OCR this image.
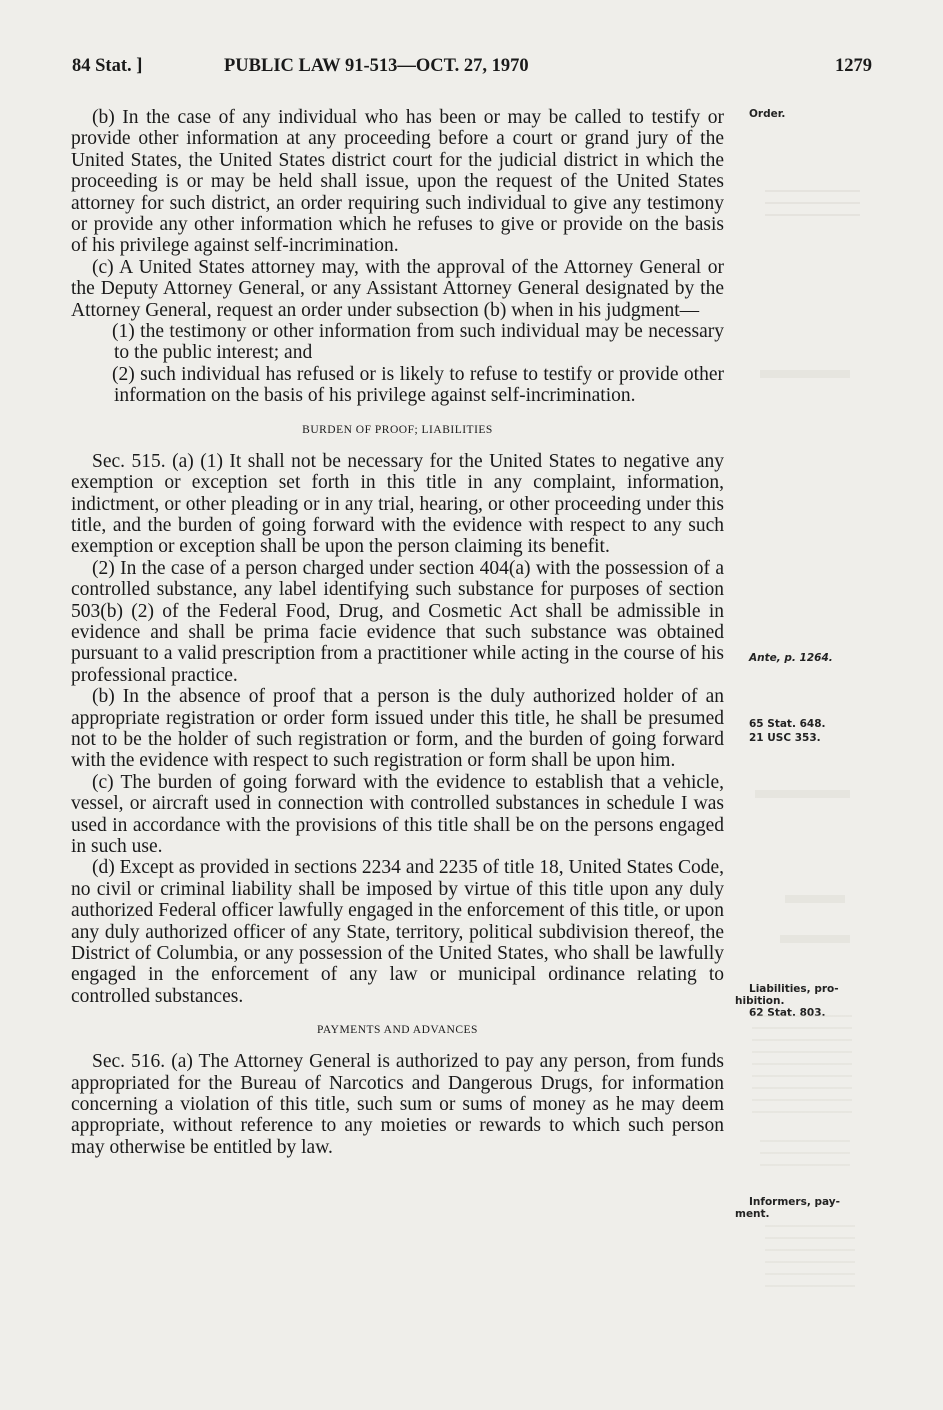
84 Stat. ]	PUBLIC LAW 91-513—OCT. 27, 1970	1279

(b) In the case of any individual who has been or may be called to testify or provide other information at any proceeding before a court or grand jury of the United States, the United States district court for the judicial district in which the proceeding is or may be held shall issue, upon the request of the United States attorney for such district, an order requiring such individual to give any testimony or provide any other information which he refuses to give or provide on the basis of his privilege against self-incrimination.

(c) A United States attorney may, with the approval of the Attorney General or the Deputy Attorney General, or any Assistant Attorney General designated by the Attorney General, request an order under subsection (b) when in his judgment—

(1) the testimony or other information from such individual may be necessary to the public interest; and

(2) such individual has refused or is likely to refuse to testify or provide other information on the basis of his privilege against self-incrimination.

BURDEN OF PROOF; LIABILITIES

Sec. 515. (a) (1) It shall not be necessary for the United States to negative any exemption or exception set forth in this title in any complaint, information, indictment, or other pleading or in any trial, hearing, or other proceeding under this title, and the burden of going forward with the evidence with respect to any such exemption or exception shall be upon the person claiming its benefit.

(2) In the case of a person charged under section 404(a) with the possession of a controlled substance, any label identifying such substance for purposes of section 503(b) (2) of the Federal Food, Drug, and Cosmetic Act shall be admissible in evidence and shall be prima facie evidence that such substance was obtained pursuant to a valid prescription from a practitioner while acting in the course of his professional practice.

(b) In the absence of proof that a person is the duly authorized holder of an appropriate registration or order form issued under this title, he shall be presumed not to be the holder of such registration or form, and the burden of going forward with the evidence with respect to such registration or form shall be upon him.

(c) The burden of going forward with the evidence to establish that a vehicle, vessel, or aircraft used in connection with controlled substances in schedule I was used in accordance with the provisions of this title shall be on the persons engaged in such use.

(d) Except as provided in sections 2234 and 2235 of title 18, United States Code, no civil or criminal liability shall be imposed by virtue of this title upon any duly authorized Federal officer lawfully engaged in the enforcement of this title, or upon any duly authorized officer of any State, territory, political subdivision thereof, the District of Columbia, or any possession of the United States, who shall be lawfully engaged in the enforcement of any law or municipal ordinance relating to controlled substances.

PAYMENTS AND ADVANCES

Sec. 516. (a) The Attorney General is authorized to pay any person, from funds appropriated for the Bureau of Narcotics and Dangerous Drugs, for information concerning a violation of this title, such sum or sums of money as he may deem appropriate, without reference to any moieties or rewards to which such person may otherwise be entitled by law.

Order.
Ante, p. 1264.
65 Stat. 648.
21 USC 353.
Liabilities, pro-
hibition.
62 Stat. 803.
Informers, pay-
ment.
